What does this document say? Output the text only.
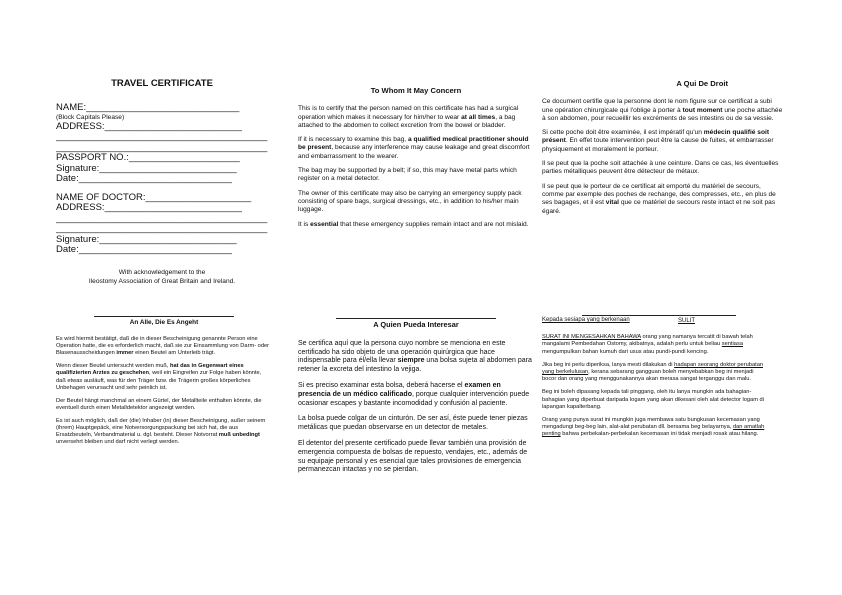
TRAVEL CERTIFICATE

NAME:_____________________________

(Block Capitals Please)

ADDRESS:__________________________

________________________________________

________________________________________

PASSPORT NO.:_____________________

Signature:__________________________

Date:_____________________________

NAME OF DOCTOR:____________________

ADDRESS:__________________________

________________________________________

________________________________________

Signature:__________________________

Date:_____________________________

With acknowledgement to the

Ileostomy Association of Great Britain and Ireland.

To Whom It May Concern

This is to certify that the person named on this certificate has had a surgical operation which makes it necessary for him/her to wear at all times, a bag attached to the abdomen to collect excretion from the bowel or bladder.

If it is necessary to examine this bag, a qualified medical practitioner should be present, because any interference may cause leakage and great discomfort and embarrassment to the wearer.

The bag may be supported by a belt; if so, this may have metal parts which register on a metal detector.

The owner of this certificate may also be carrying an emergency supply pack consisting of spare bags, surgical dressings, etc., in addition to his/her main luggage.

It is essential that these emergency supplies remain intact and are not mislaid.

A Qui De Droit

Ce document certifie que la personne dont le nom figure sur ce certificat a subi une opération chirurgicale qui l'oblige à porter à tout moment une poche attachée à son abdomen, pour recueillir les excréments de ses intestins ou de sa vessie.

Si cette poche doit être examinée, il est impératif qu'un médecin qualifié soit présent. En effet toute intervention peut être la cause de fuites, et embarrasser physiquement et moralement le porteur.

Il se peut que la poche soit attachée à une ceinture. Dans ce cas, les éventuelles parties métalliques peuvent être détecteur de métaux.

Il se peut que le porteur de ce certificat ait emporté du matériel de secours, comme par exemple des poches de rechange, des compresses, etc., en plus de ses bagages, et il est vital que ce matériel de secours reste intact et ne soit pas égaré.

An Alle, Die Es Angeht

Es wird hiermit bestätigt, daß die in dieser Bescheinigung genannte Person eine Operation hatte, die es erforderlich macht, daß sie zur Einsammlung von Darm- oder Blasenausscheidungen immer einen Beutel am Unterleib trägt.

Wenn dieser Beutel untersucht werden muß, hat das in Gegenwart eines qualifizierten Arztes zu geschehen, weil ein Eingreifen zur Folge haben könnte, daß etwas ausläuft, was für den Träger bzw. die Trägerin großes körperliches Unbehagen verursacht und sehr peinlich ist.

Der Beutel hängt manchmal an einem Gürtel, der Metallteile enthalten könnte, die eventuell durch einen Metalldetektor angezeigt werden.

Es ist auch möglich, daß der (die) Inhaber (in) dieser Bescheinigung, außer seinem (ihrem) Hauptgepäck, eine Notversorgungspackung bei sich hat, die aus Ersatzbeuteln, Verbandmaterial u. dgl. besteht. Dieser Notvorrat muß unbedingt unversehrt bleiben und darf nicht verlegt werden.

A Quien Pueda Interesar

Se certifica aquí que la persona cuyo nombre se menciona en este certificado ha sido objeto de una operación quirúrgica que hace indispensable para él/ella llevar siempre una bolsa sujeta al abdomen para retener la excreta del intestino la vejiga.

Si es preciso examinar esta bolsa, deberá hacerse el examen en presencia de un médico calificado, porque cualquier intervención puede ocasionar escapes y bastante incomodidad y confusión al paciente.

La bolsa puede colgar de un cinturón. De ser así, éste puede tener piezas metálicas que puedan observarse en un detector de metales.

El detentor del presente certificado puede llevar también una provisión de emergencia compuesta de bolsas de repuesto, vendajes, etc., además de su equipaje personal y es esencial que tales provisiones de emergencia permanezcan intactas y no se pierdan.

Kepada sesiapa yang berkenaan	SULIT

SURAT INI MENGESAHKAN BAHAWA orang yang namanya tercatit di bawah telah mangalami Pembedahan Ostomy, akibatnya, adalah perlu untuk beliau sentiasa mengumpulkan bahan kumuh dari usus atau pundi-pundi kencing.

Jika beg ini perlu diperiksa, lanya mesti dilakukan di hadapan seorang doktor perubatan yang berkelulusan, kerana sebarang gangguan boleh menyebabkan beg ini menjadi bocor dan orang yang menggunakannya akan merasa sangat terganggu dan malu.

Beg ini boleh dipasang kepada tali pinggang, oleh itu lanya mungkin ada bahagian-bahagian yang diperbuat daripada logam yang akan dikesani oleh alat detector logam di lapangan kapalterbang.

Orang yang punya surat ini mungkin juga membawa satu bungkusan kecemasan yang mengadungi beg-beg lain, alat-alat perubatan dll. bersama beg belayarnya, dan amatlah penting bahwa perbekalan-perbekalan kecemasan ini tidak menjadi rosak atau hilang.
